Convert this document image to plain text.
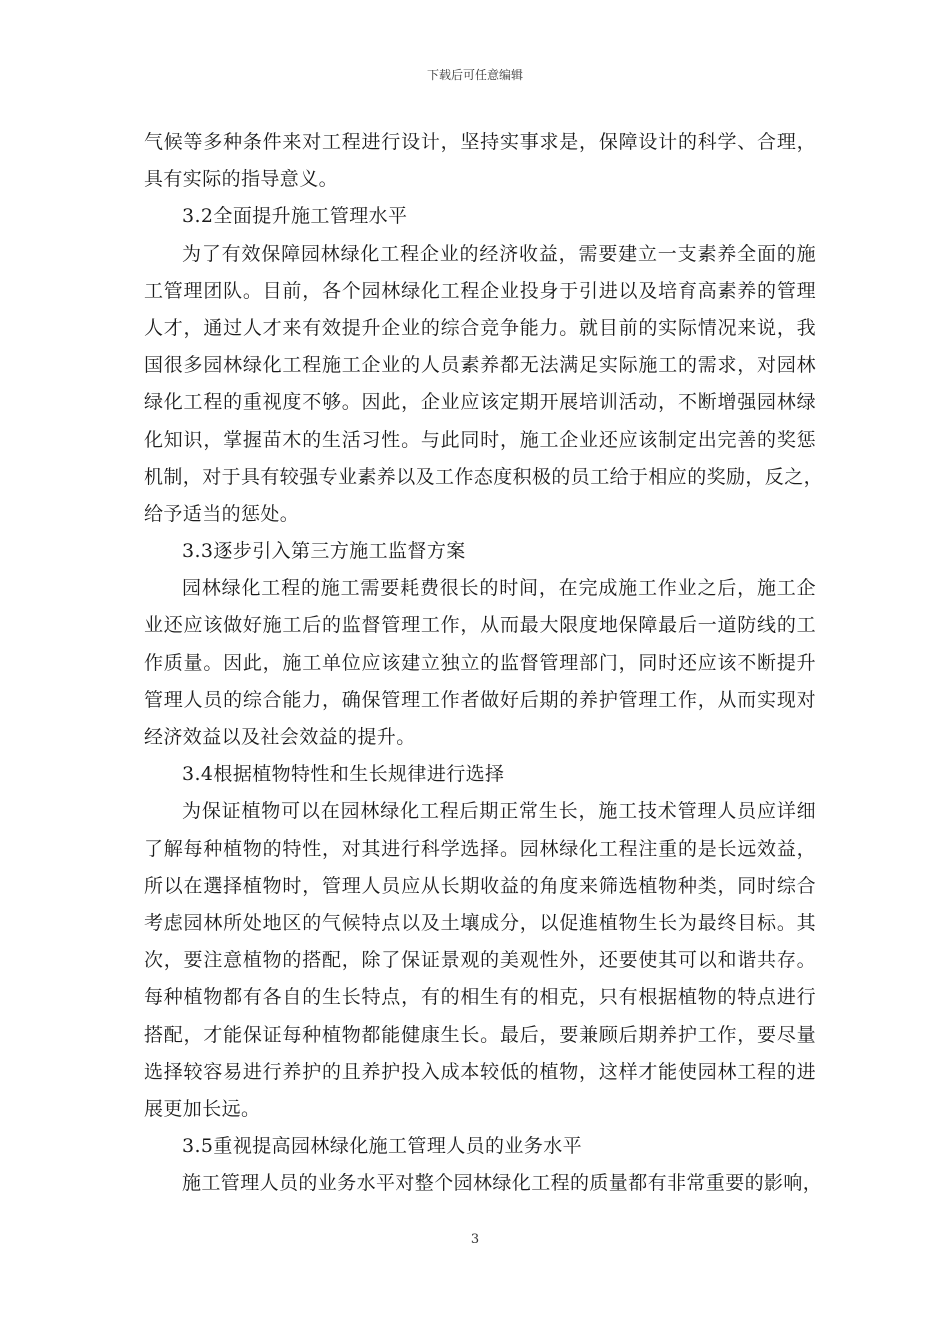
下载后可任意编辑
气候等多种条件来对工程进行设计，坚持实事求是，保障设计的科学、合理，
具有实际的指导意义。
3.2全面提升施工管理水平
为了有效保障园林绿化工程企业的经济收益，需要建立一支素养全面的施
工管理团队。目前，各个园林绿化工程企业投身于引进以及培育高素养的管理
人才，通过人才来有效提升企业的综合竞争能力。就目前的实际情况来说，我
国很多园林绿化工程施工企业的人员素养都无法满足实际施工的需求，对园林
绿化工程的重视度不够。因此，企业应该定期开展培训活动，不断增强园林绿
化知识，掌握苗木的生活习性。与此同时，施工企业还应该制定出完善的奖惩
机制，对于具有较强专业素养以及工作态度积极的员工给于相应的奖励，反之，
给予适当的惩处。
3.3逐步引入第三方施工监督方案
园林绿化工程的施工需要耗费很长的时间，在完成施工作业之后，施工企
业还应该做好施工后的监督管理工作，从而最大限度地保障最后一道防线的工
作质量。因此，施工单位应该建立独立的监督管理部门，同时还应该不断提升
管理人员的综合能力，确保管理工作者做好后期的养护管理工作，从而实现对
经济效益以及社会效益的提升。
3.4根据植物特性和生长规律进行选择
为保证植物可以在园林绿化工程后期正常生长，施工技术管理人员应详细
了解每种植物的特性，对其进行科学选择。园林绿化工程注重的是长远效益，
所以在選择植物时，管理人员应从长期收益的角度来筛选植物种类，同时综合
考虑园林所处地区的气候特点以及土壤成分，以促進植物生长为最终目标。其
次，要注意植物的搭配，除了保证景观的美观性外，还要使其可以和谐共存。
每种植物都有各自的生长特点，有的相生有的相克，只有根据植物的特点进行
搭配，才能保证每种植物都能健康生长。最后，要兼顾后期养护工作，要尽量
选择较容易进行养护的且养护投入成本较低的植物，这样才能使园林工程的进
展更加长远。
3.5重视提高园林绿化施工管理人员的业务水平
施工管理人员的业务水平对整个园林绿化工程的质量都有非常重要的影响，
3
